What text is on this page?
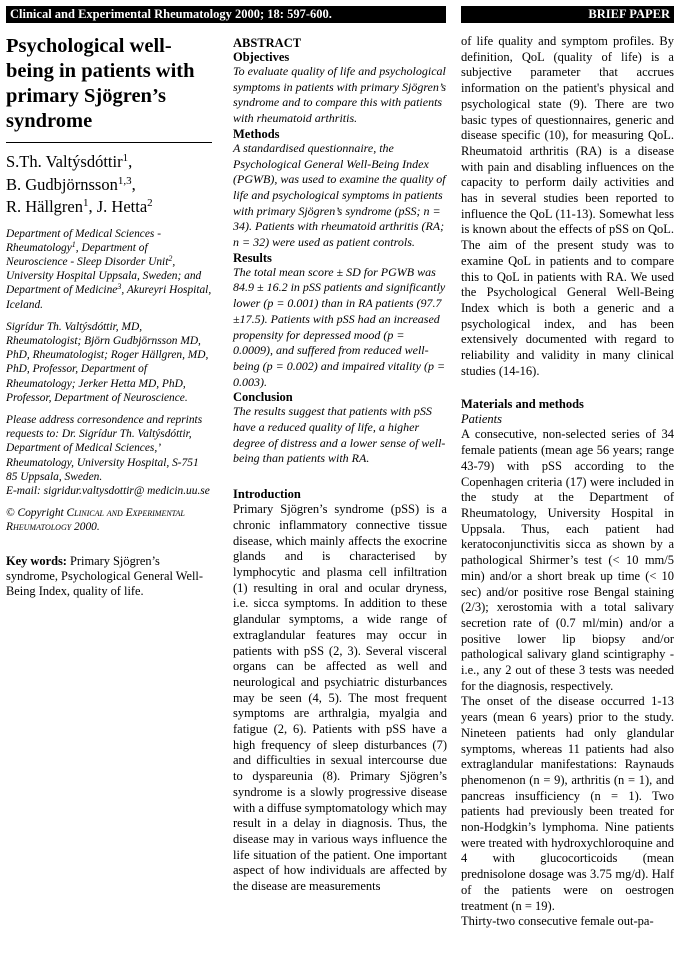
Clinical and Experimental Rheumatology 2000; 18: 597-600.	BRIEF PAPER
Psychological well-being in patients with primary Sjögren’s syndrome

S.Th. Valtýsdóttir$^1$,
B. Gudbjörnsson$^{1,3}$,
R. Hällgren$^1$, J. Hetta$^2$

Department of Medical Sciences - Rheumatology$^1$, Department of Neuroscience - Sleep Disorder Unit$^2$, University Hospital Uppsala, Sweden; and Department of Medicine$^3$, Akureyri Hospital, Iceland.

Sigrídur Th. Valtýsdóttir, MD, Rheumatologist; Björn Gudbjörnsson MD, PhD, Rheumatologist; Roger Hällgren, MD, PhD, Professor, Department of Rheumatology; Jerker Hetta MD, PhD, Professor, Department of Neuroscience.

Please address corresondence and reprints requests to: Dr. Sigrídur Th. Valtýsdóttir, Department of Medical Sciences,’ Rheumatology, University Hospital, S-751 85 Uppsala, Sweden.

E-mail: sigridur.valtysdottir@ medicin.uu.se

© Copyright Clinical and Experimental Rheumatology 2000.

Key words: Primary Sjögren’s syndrome, Psychological General Well-Being Index, quality of life.

ABSTRACT
Objectives

To evaluate quality of life and psychological symptoms in patients with primary Sjögren’s syndrome and to compare this with patients with rheumatoid arthritis.

Methods

A standardised questionnaire, the Psychological General Well-Being Index (PGWB), was used to examine the quality of life and psychological symptoms in patients with primary Sjögren’s syndrome (pSS; n = 34). Patients with rheumatoid arthritis (RA; n = 32) were used as patient controls.

Results

The total mean score ± SD for PGWB was 84.9 ± 16.2 in pSS patients and significantly lower (p = 0.001) than in RA patients (97.7 ±17.5). Patients with pSS had an increased propensity for depressed mood (p = 0.0009), and suffered from reduced well-being (p = 0.002) and impaired vitality (p = 0.003).

Conclusion

The results suggest that patients with pSS have a reduced quality of life, a higher degree of distress and a lower sense of well-being than patients with RA.

Introduction

Primary Sjögren’s syndrome (pSS) is a chronic inflammatory connective tissue disease, which mainly affects the exocrine glands and is characterised by lymphocytic and plasma cell infiltration (1) resulting in oral and ocular dryness, i.e. sicca symptoms. In addition to these glandular symptoms, a wide range of extraglandular features may occur in patients with pSS (2, 3). Several visceral organs can be affected as well and neurological and psychiatric disturbances may be seen (4, 5). The most frequent symptoms are arthralgia, myalgia and fatigue (2, 6). Patients with pSS have a high frequency of sleep disturbances (7) and difficulties in sexual intercourse due to dyspareunia (8). Primary Sjögren’s syndrome is a slowly progressive disease with a diffuse symptomatology which may result in a delay in diagnosis. Thus, the disease may in various ways influence the life situation of the patient. One important aspect of how individuals are affected by the disease are measurements

of life quality and symptom profiles. By definition, QoL (quality of life) is a subjective parameter that accrues information on the patient's physical and psychological state (9). There are two basic types of questionnaires, generic and disease specific (10), for measuring QoL. Rheumatoid arthritis (RA) is a disease with pain and disabling influences on the capacity to perform daily activities and has in several studies been reported to influence the QoL (11-13). Somewhat less is known about the effects of pSS on QoL. The aim of the present study was to examine QoL in patients and to compare this to QoL in patients with RA. We used the Psychological General Well-Being Index which is both a generic and a psychological index, and has been extensively documented with regard to reliability and validity in many clinical studies (14-16).

Materials and methods
Patients

A consecutive, non-selected series of 34 female patients (mean age 56 years; range 43-79) with pSS according to the Copenhagen criteria (17) were included in the study at the Department of Rheumatology, University Hospital in Uppsala. Thus, each patient had keratoconjunctivitis sicca as shown by a pathological Shirmer’s test (< 10 mm/5 min) and/or a short break up time (< 10 sec) and/or positive rose Bengal staining (2/3); xerostomia with a total salivary secretion rate of (0.7 ml/min) and/or a positive lower lip biopsy and/or pathological salivary gland scintigraphy - i.e., any 2 out of these 3 tests was needed for the diagnosis, respectively.

The onset of the disease occurred 1-13 years (mean 6 years) prior to the study. Nineteen patients had only glandular symptoms, whereas 11 patients had also extraglandular manifestations: Raynauds phenomenon (n = 9), arthritis (n = 1), and pancreas insufficiency (n = 1). Two patients had previously been treated for non-Hodgkin’s lymphoma. Nine patients were treated with hydroxychloroquine and 4 with glucocorticoids (mean prednisolone dosage was 3.75 mg/d). Half of the patients were on oestrogen treatment (n = 19).

Thirty-two consecutive female out-pa-
